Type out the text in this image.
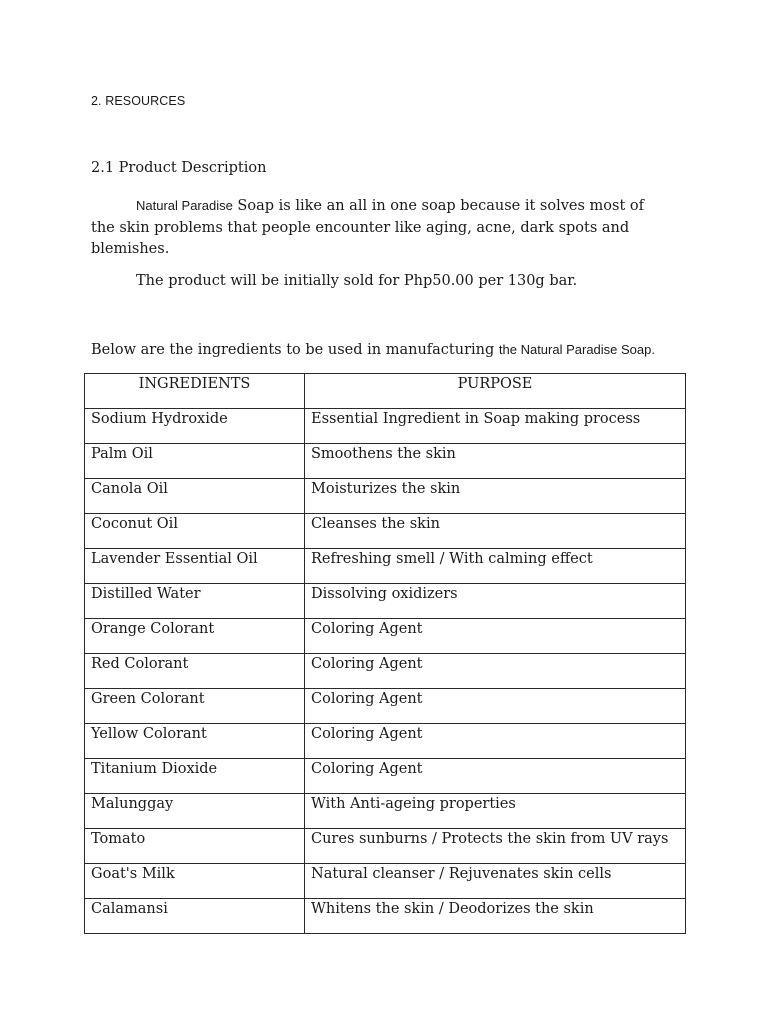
2. RESOURCES
2.1 Product Description
Natural Paradise Soap is like an all in one soap because it solves most of the skin problems that people encounter like aging, acne, dark spots and blemishes.
The product will be initially sold for Php50.00 per 130g bar.
Below are the ingredients to be used in manufacturing the Natural Paradise Soap.
INGREDIENTS	PURPOSE
Sodium Hydroxide	Essential Ingredient in Soap making process
Palm Oil	Smoothens the skin
Canola Oil	Moisturizes the skin
Coconut Oil	Cleanses the skin
Lavender Essential Oil	Refreshing smell / With calming effect
Distilled Water	Dissolving oxidizers
Orange Colorant	Coloring Agent
Red Colorant	Coloring Agent
Green Colorant	Coloring Agent
Yellow Colorant	Coloring Agent
Titanium Dioxide	Coloring Agent
Malunggay	With Anti-ageing properties
Tomato	Cures sunburns / Protects the skin from UV rays
Goat's Milk	Natural cleanser / Rejuvenates skin cells
Calamansi	Whitens the skin / Deodorizes the skin
